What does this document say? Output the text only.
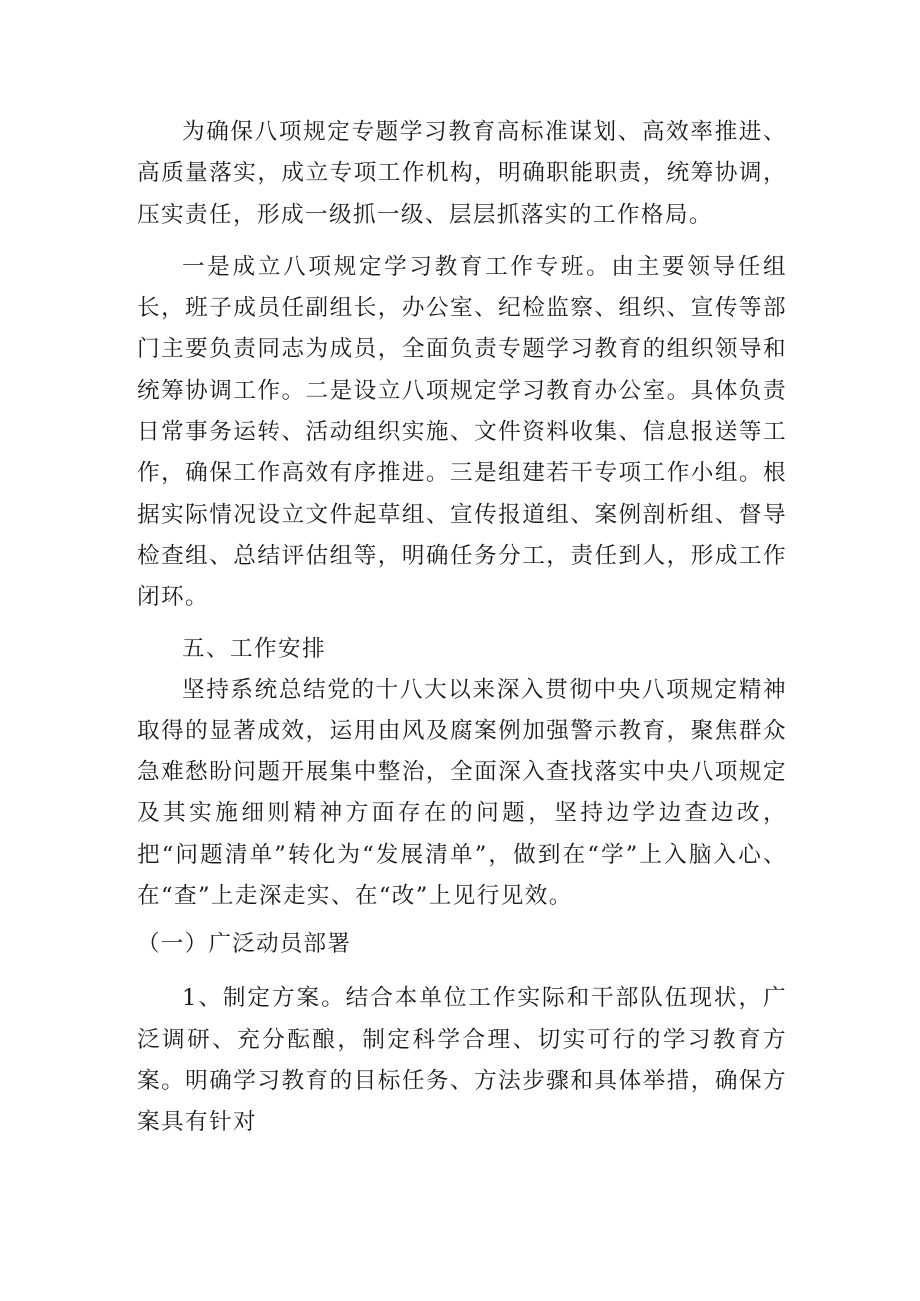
为确保八项规定专题学习教育高标准谋划、高效率推进、高质量落实，成立专项工作机构，明确职能职责，统筹协调，压实责任，形成一级抓一级、层层抓落实的工作格局。

一是成立八项规定学习教育工作专班。由主要领导任组长，班子成员任副组长，办公室、纪检监察、组织、宣传等部门主要负责同志为成员，全面负责专题学习教育的组织领导和统筹协调工作。二是设立八项规定学习教育办公室。具体负责日常事务运转、活动组织实施、文件资料收集、信息报送等工作，确保工作高效有序推进。三是组建若干专项工作小组。根据实际情况设立文件起草组、宣传报道组、案例剖析组、督导检查组、总结评估组等，明确任务分工，责任到人，形成工作闭环。

五、工作安排

坚持系统总结党的十八大以来深入贯彻中央八项规定精神取得的显著成效，运用由风及腐案例加强警示教育，聚焦群众急难愁盼问题开展集中整治，全面深入查找落实中央八项规定及其实施细则精神方面存在的问题，坚持边学边查边改，把“问题清单”转化为“发展清单”，做到在“学”上入脑入心、在“查”上走深走实、在“改”上见行见效。

（一）广泛动员部署

1、制定方案。结合本单位工作实际和干部队伍现状，广泛调研、充分酝酿，制定科学合理、切实可行的学习教育方案。明确学习教育的目标任务、方法步骤和具体举措，确保方案具有针对
